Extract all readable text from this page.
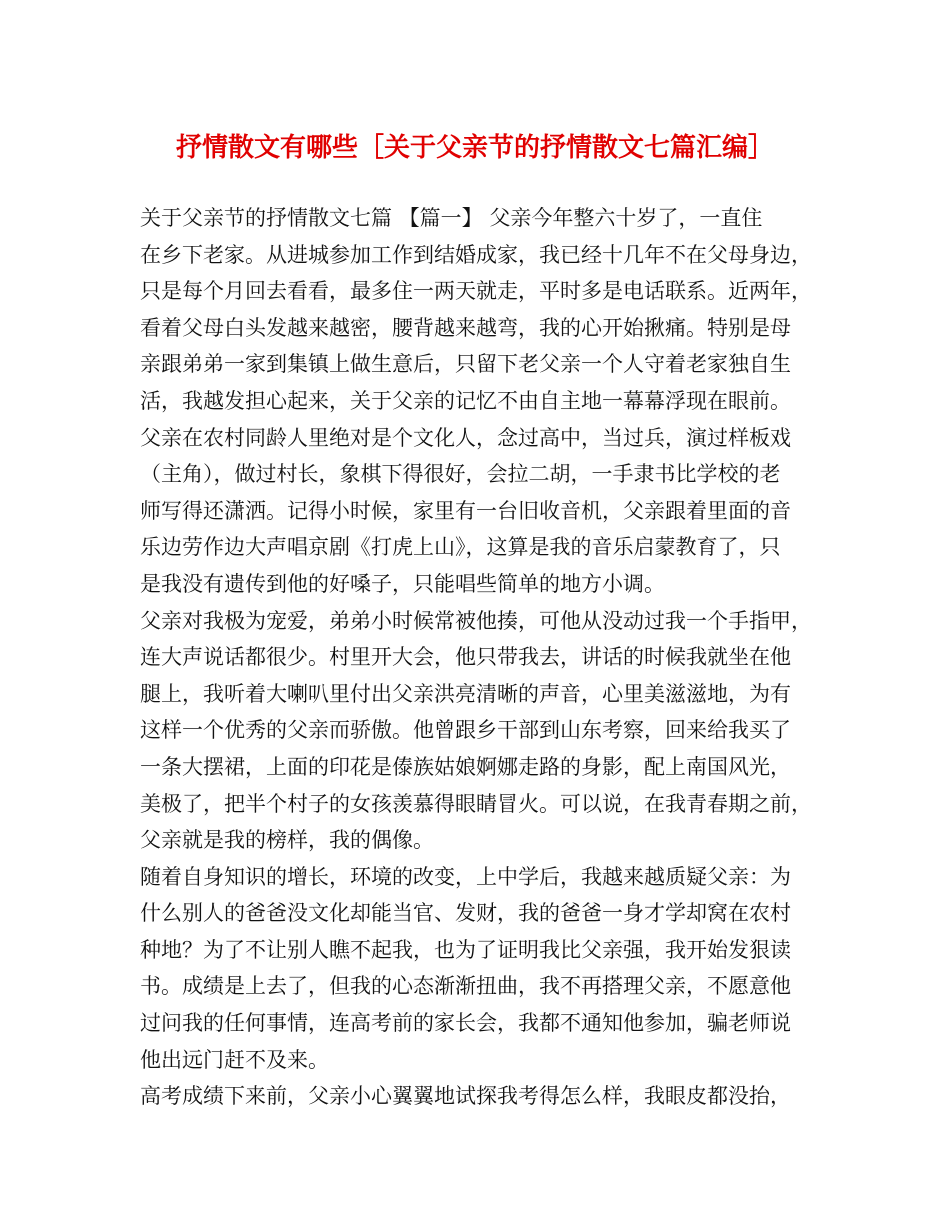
抒情散文有哪些［关于父亲节的抒情散文七篇汇编］
关于父亲节的抒情散文七篇 【篇一】 父亲今年整六十岁了，一直住
在乡下老家。从进城参加工作到结婚成家，我已经十几年不在父母身边，
只是每个月回去看看，最多住一两天就走，平时多是电话联系。近两年，
看着父母白头发越来越密，腰背越来越弯，我的心开始揪痛。特别是母
亲跟弟弟一家到集镇上做生意后，只留下老父亲一个人守着老家独自生
活，我越发担心起来，关于父亲的记忆不由自主地一幕幕浮现在眼前。
父亲在农村同龄人里绝对是个文化人，念过高中，当过兵，演过样板戏
（主角），做过村长，象棋下得很好，会拉二胡，一手隶书比学校的老
师写得还潇洒。记得小时候，家里有一台旧收音机，父亲跟着里面的音
乐边劳作边大声唱京剧《打虎上山》，这算是我的音乐启蒙教育了，只
是我没有遗传到他的好嗓子，只能唱些简单的地方小调。
父亲对我极为宠爱，弟弟小时候常被他揍，可他从没动过我一个手指甲，
连大声说话都很少。村里开大会，他只带我去，讲话的时候我就坐在他
腿上，我听着大喇叭里付出父亲洪亮清晰的声音，心里美滋滋地，为有
这样一个优秀的父亲而骄傲。他曾跟乡干部到山东考察，回来给我买了
一条大摆裙，上面的印花是傣族姑娘婀娜走路的身影，配上南国风光，
美极了，把半个村子的女孩羡慕得眼睛冒火。可以说，在我青春期之前，
父亲就是我的榜样，我的偶像。
随着自身知识的增长，环境的改变，上中学后，我越来越质疑父亲：为
什么别人的爸爸没文化却能当官、发财，我的爸爸一身才学却窝在农村
种地？为了不让别人瞧不起我，也为了证明我比父亲强，我开始发狠读
书。成绩是上去了，但我的心态渐渐扭曲，我不再搭理父亲，不愿意他
过问我的任何事情，连高考前的家长会，我都不通知他参加，骗老师说
他出远门赶不及来。
高考成绩下来前，父亲小心翼翼地试探我考得怎么样，我眼皮都没抬，
